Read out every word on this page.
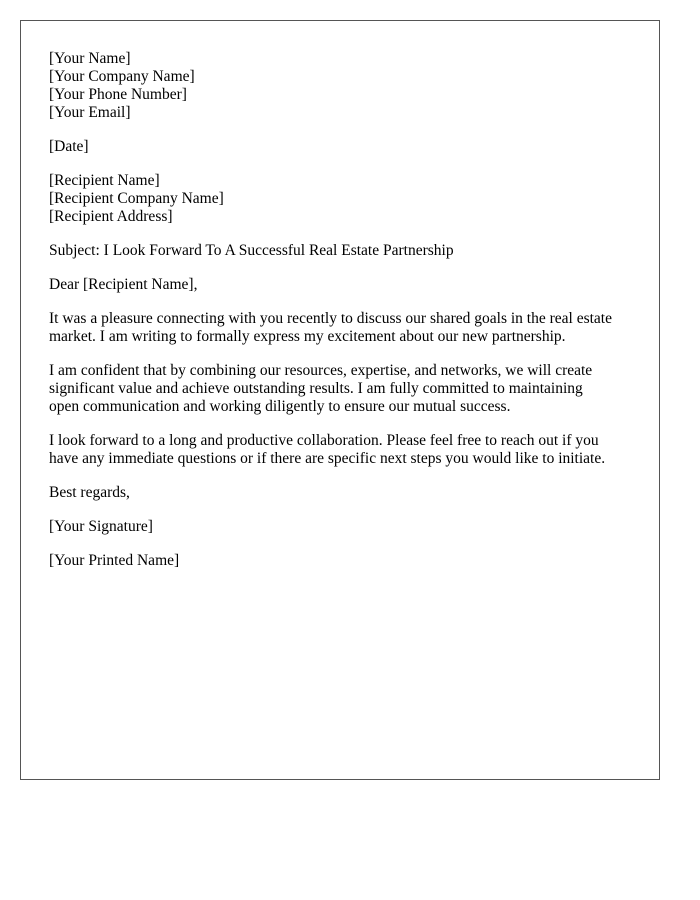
[Your Name]
[Your Company Name]
[Your Phone Number]
[Your Email]
[Date]
[Recipient Name]
[Recipient Company Name]
[Recipient Address]
Subject: I Look Forward To A Successful Real Estate Partnership
Dear [Recipient Name],
It was a pleasure connecting with you recently to discuss our shared goals in the real estate
market. I am writing to formally express my excitement about our new partnership.
I am confident that by combining our resources, expertise, and networks, we will create
significant value and achieve outstanding results. I am fully committed to maintaining
open communication and working diligently to ensure our mutual success.
I look forward to a long and productive collaboration. Please feel free to reach out if you
have any immediate questions or if there are specific next steps you would like to initiate.
Best regards,
[Your Signature]
[Your Printed Name]
